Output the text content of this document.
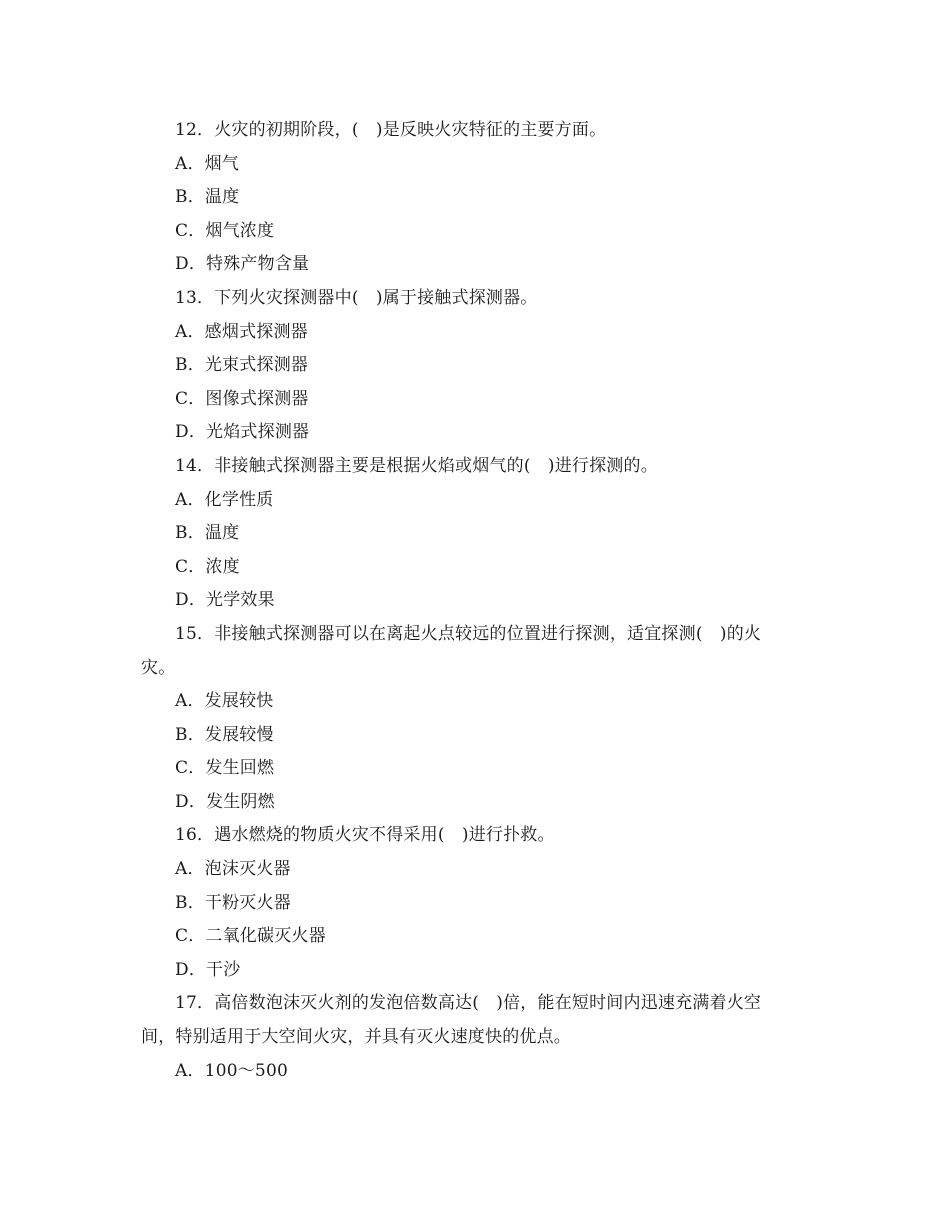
12．火灾的初期阶段，(　)是反映火灾特征的主要方面。
A．烟气
B．温度
C．烟气浓度
D．特殊产物含量
13．下列火灾探测器中(　)属于接触式探测器。
A．感烟式探测器
B．光束式探测器
C．图像式探测器
D．光焰式探测器
14．非接触式探测器主要是根据火焰或烟气的(　)进行探测的。
A．化学性质
B．温度
C．浓度
D．光学效果
15．非接触式探测器可以在离起火点较远的位置进行探测，适宜探测(　)的火
灾。
A．发展较快
B．发展较慢
C．发生回燃
D．发生阴燃
16．遇水燃烧的物质火灾不得采用(　)进行扑救。
A．泡沫灭火器
B．干粉灭火器
C．二氧化碳灭火器
D．干沙
17．高倍数泡沫灭火剂的发泡倍数高达(　)倍，能在短时间内迅速充满着火空
间，特别适用于大空间火灾，并具有灭火速度快的优点。
A．100～500
